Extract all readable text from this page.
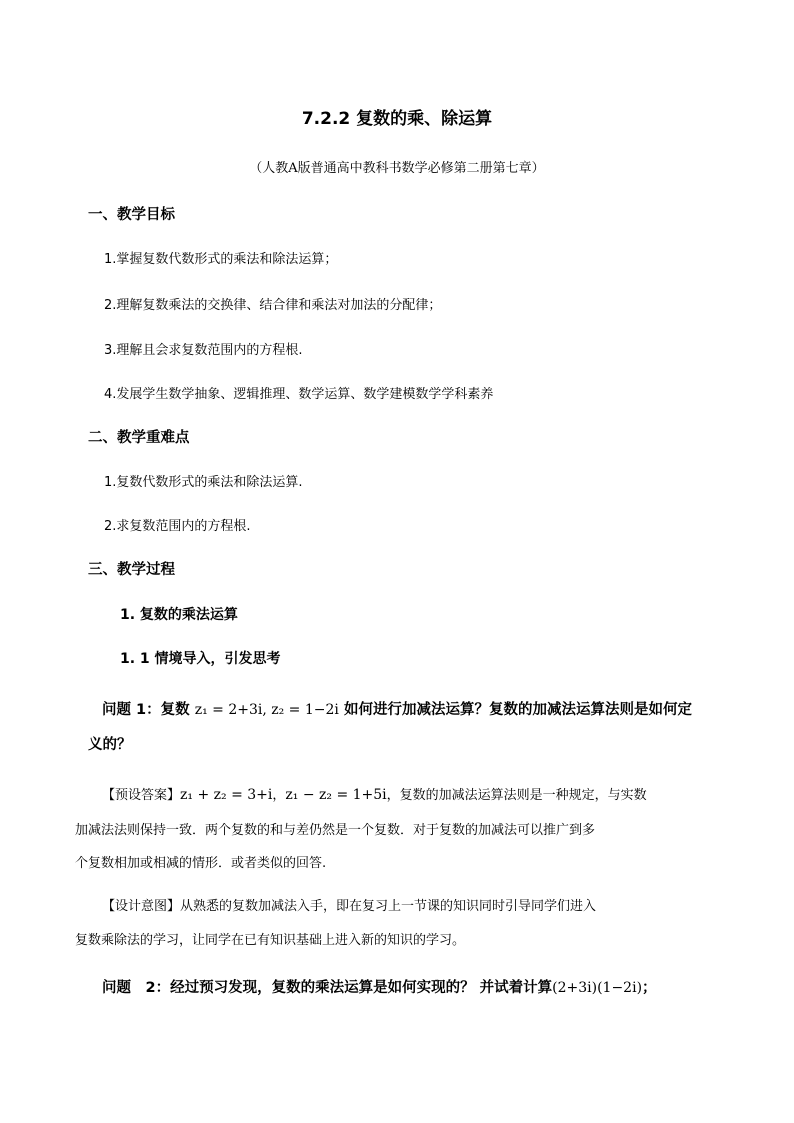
7.2.2 复数的乘、除运算
（人教A版普通高中教科书数学必修第二册第七章）
一、教学目标
1.掌握复数代数形式的乘法和除法运算；
2.理解复数乘法的交换律、结合律和乘法对加法的分配律；
3.理解且会求复数范围内的方程根.
4.发展学生数学抽象、逻辑推理、数学运算、数学建模数学学科素养
二、教学重难点
1.复数代数形式的乘法和除法运算.
2.求复数范围内的方程根.
三、教学过程
1. 复数的乘法运算
1. 1 情境导入，引发思考
问题 1：复数 z₁ = 2+3i, z₂ = 1−2i 如何进行加减法运算？复数的加减法运算法则是如何定
义的？
【预设答案】z₁ + z₂ = 3+i，z₁ − z₂ = 1+5i，复数的加减法运算法则是一种规定，与实数
加减法法则保持一致．两个复数的和与差仍然是一个复数．对于复数的加减法可以推广到多
个复数相加或相减的情形．或者类似的回答.
【设计意图】从熟悉的复数加减法入手，即在复习上一节课的知识同时引导同学们进入
复数乘除法的学习，让同学在已有知识基础上进入新的知识的学习。
问题　2：经过预习发现，复数的乘法运算是如何实现的？ 并试着计算(2+3i)(1−2i)；
